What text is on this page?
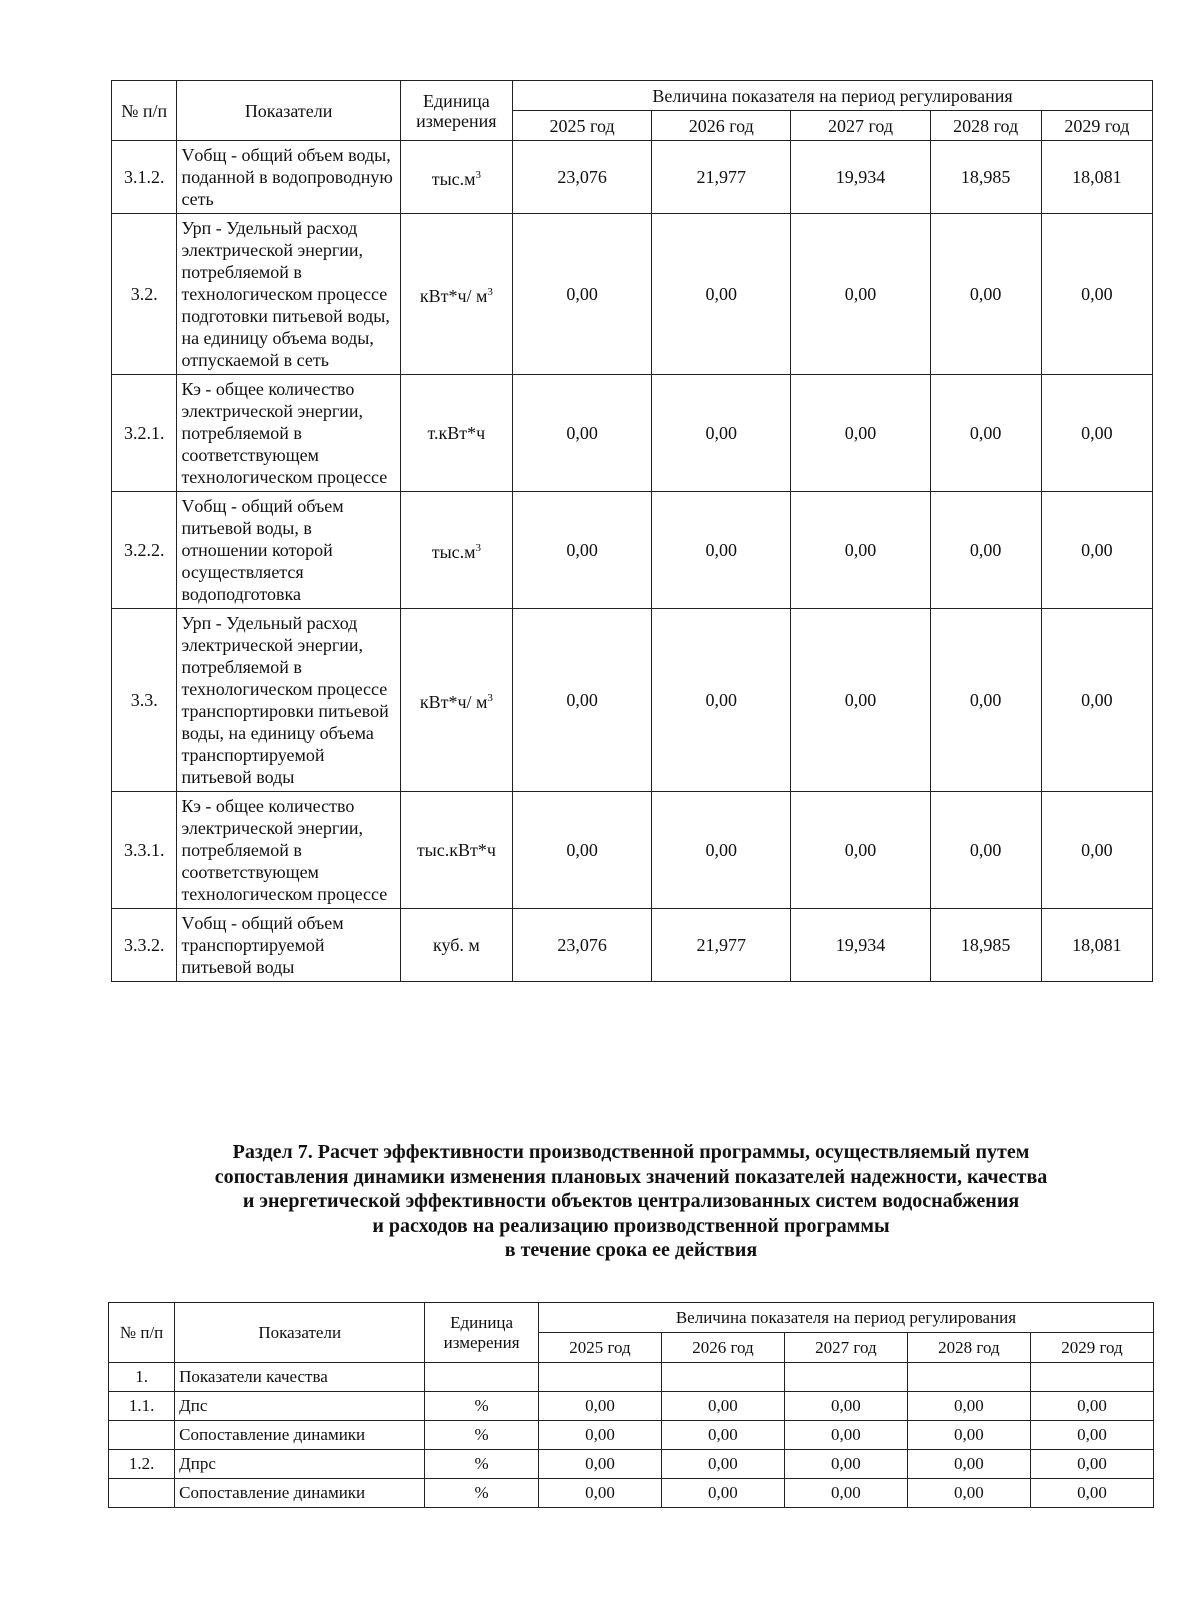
№ п/п	Показатели	Единица измерения	Величина показателя на период регулирования				
			2025 год	2026 год	2027 год	2028 год	2029 год
3.1.2.	Vобщ - общий объем воды, поданной в водопроводную сеть	$тыс.м^3$	23,076	21,977	19,934	18,985	18,081
3.2.	Урп - Удельный расход электрической энергии, потребляемой в технологическом процессе подготовки питьевой воды, на единицу объема воды, отпускаемой в сеть	кВт*ч/ $м^3$	0,00	0,00	0,00	0,00	0,00
3.2.1.	Кэ - общее количество электрической энергии, потребляемой в соответствующем технологическом процессе	т.кВт*ч	0,00	0,00	0,00	0,00	0,00
3.2.2.	Vобщ - общий объем питьевой воды, в отношении которой осуществляется водоподготовка	$тыс.м^3$	0,00	0,00	0,00	0,00	0,00
3.3.	Урп - Удельный расход электрической энергии, потребляемой в технологическом процессе транспортировки питьевой воды, на единицу объема транспортируемой питьевой воды	кВт*ч/ $м^3$	0,00	0,00	0,00	0,00	0,00
3.3.1.	Кэ - общее количество электрической энергии, потребляемой в соответствующем технологическом процессе	тыс.кВт*ч	0,00	0,00	0,00	0,00	0,00
3.3.2.	Vобщ - общий объем транспортируемой питьевой воды	куб. м	23,076	21,977	19,934	18,985	18,081
Раздел 7. Расчет эффективности производственной программы, осуществляемый путем
сопоставления динамики изменения плановых значений показателей надежности, качества
и энергетической эффективности объектов централизованных систем водоснабжения
и расходов на реализацию производственной программы
в течение срока ее действия
№ п/п	Показатели	Единица измерения	Величина показателя на период регулирования				
			2025 год	2026 год	2027 год	2028 год	2029 год
1.	Показатели качества						
1.1.	Дпс	%	0,00	0,00	0,00	0,00	0,00
	Сопоставление динамики	%	0,00	0,00	0,00	0,00	0,00
1.2.	Дпрс	%	0,00	0,00	0,00	0,00	0,00
	Сопоставление динамики	%	0,00	0,00	0,00	0,00	0,00
